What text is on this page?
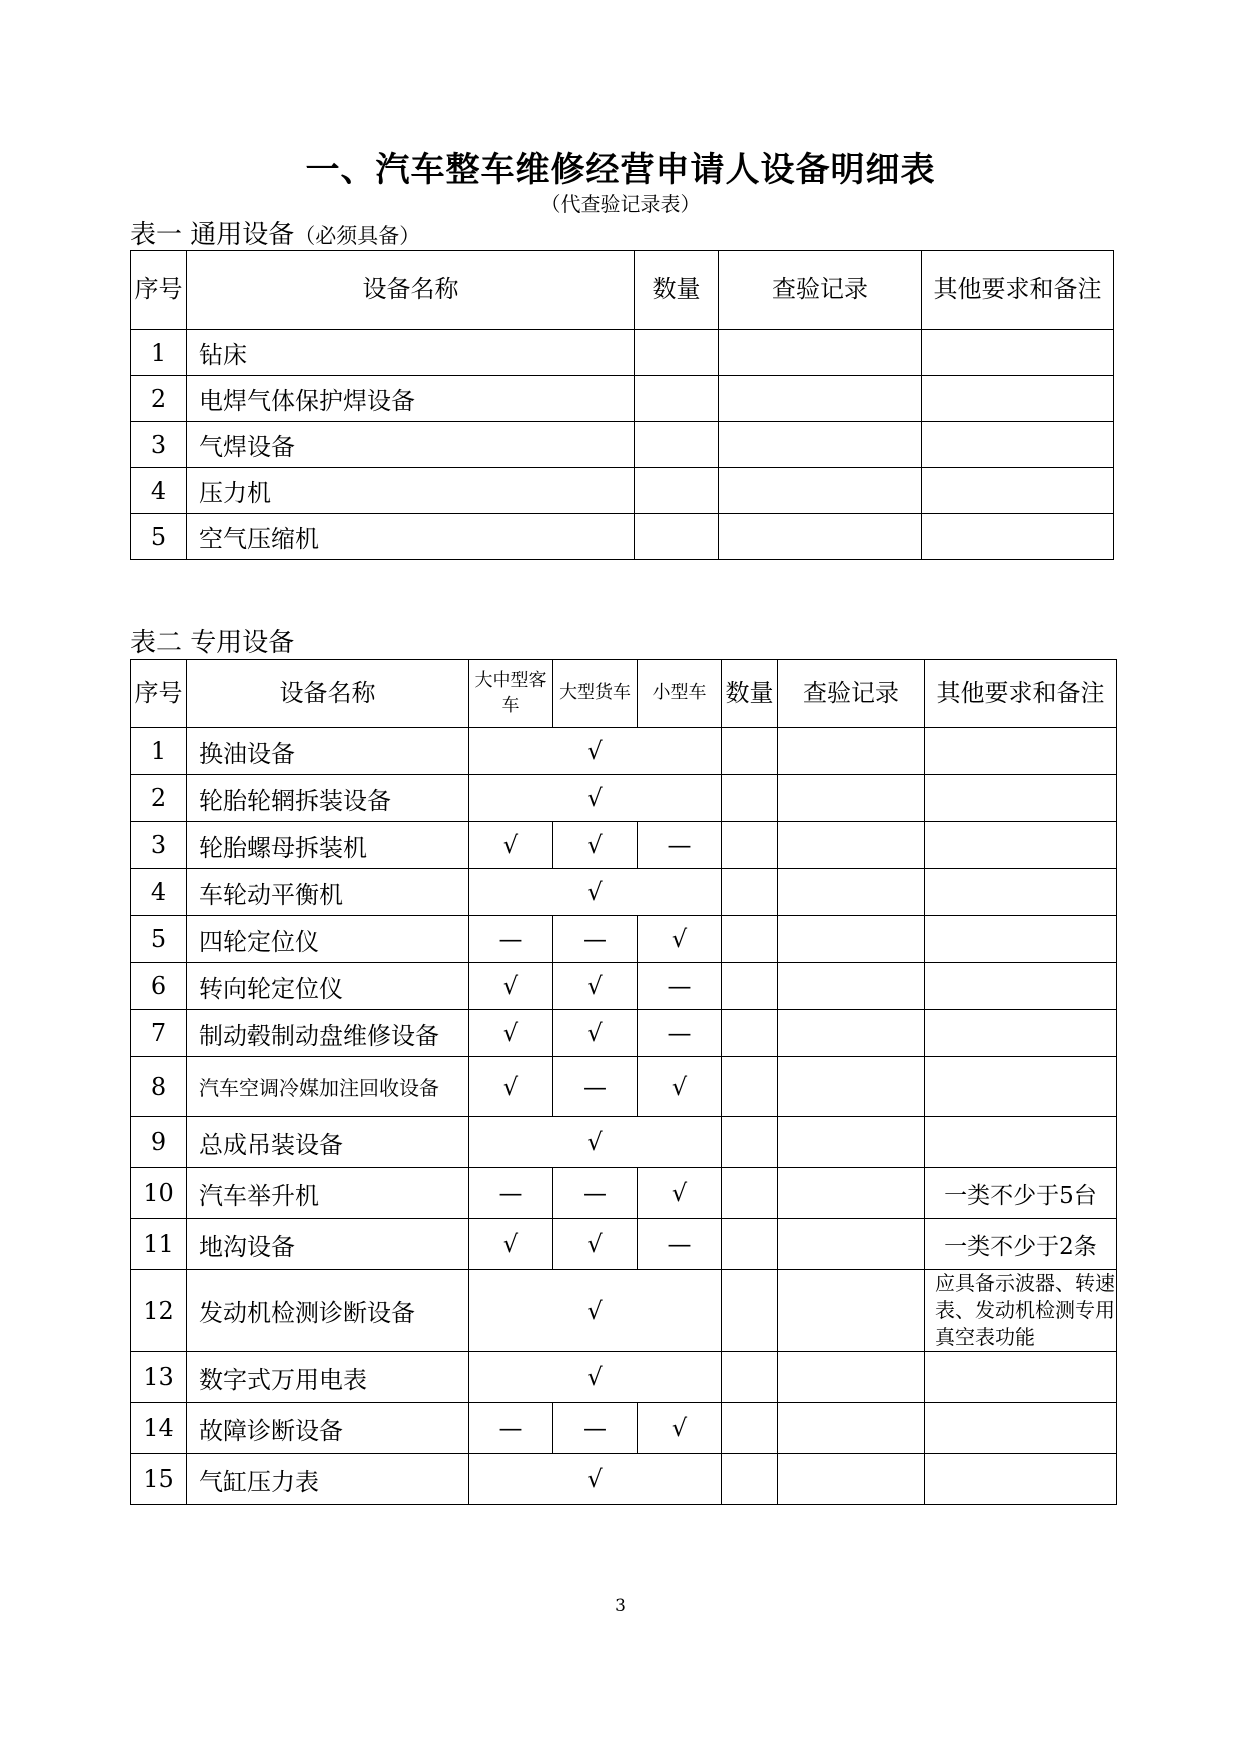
一、汽车整车维修经营申请人设备明细表
（代查验记录表）
表一 通用设备（必须具备）
序号	设备名称	数量	查验记录	其他要求和备注
1	钻床			
2	电焊气体保护焊设备			
3	气焊设备			
4	压力机			
5	空气压缩机			
表二 专用设备
序号	设备名称	大中型客车	大型货车	小型车	数量	查验记录	其他要求和备注
1	换油设备	√					
2	轮胎轮辋拆装设备	√					
3	轮胎螺母拆装机	√	√	—			
4	车轮动平衡机	√					
5	四轮定位仪	—	—	√			
6	转向轮定位仪	√	√	—			
7	制动毂制动盘维修设备	√	√	—			
8	汽车空调冷媒加注回收设备	√	—	√			
9	总成吊装设备	√					
10	汽车举升机	—	—	√			一类不少于5台
11	地沟设备	√	√	—			一类不少于2条
12	发动机检测诊断设备	√					应具备示波器、转速表、发动机检测专用真空表功能
13	数字式万用电表	√					
14	故障诊断设备	—	—	√			
15	气缸压力表	√					
3
